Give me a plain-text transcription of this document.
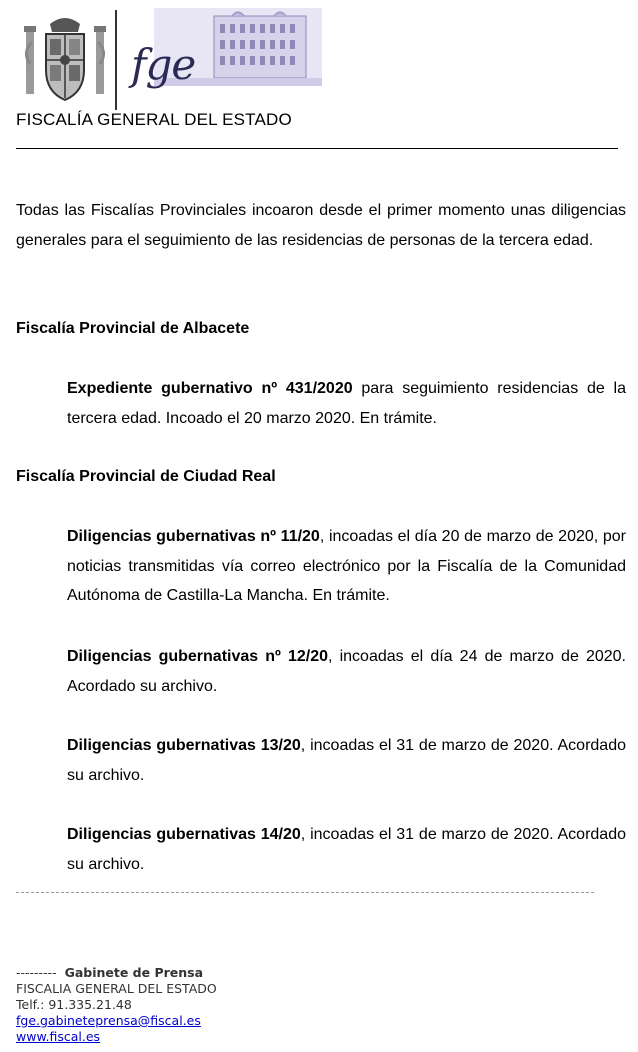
fge
FISCALÍA GENERAL DEL ESTADO
Todas las Fiscalías Provinciales incoaron desde el primer momento unas diligencias generales para el seguimiento de las residencias de personas de la tercera edad.
Fiscalía Provincial de Albacete
Expediente gubernativo nº 431/2020 para seguimiento residencias de la tercera edad. Incoado el 20 marzo 2020. En trámite.
Fiscalía Provincial de Ciudad Real
Diligencias gubernativas nº 11/20, incoadas el día 20 de marzo de 2020, por noticias transmitidas vía correo electrónico por la Fiscalía de la Comunidad Autónoma de Castilla-La Mancha. En trámite.
Diligencias gubernativas nº 12/20, incoadas el día 24 de marzo de 2020. Acordado su archivo.
Diligencias gubernativas 13/20, incoadas el 31 de marzo de 2020. Acordado su archivo.
Diligencias gubernativas 14/20, incoadas el 31 de marzo de 2020. Acordado su archivo.
--------- Gabinete de Prensa
FISCALIA GENERAL DEL ESTADO
Telf.: 91.335.21.48
fge.gabineteprensa@fiscal.es
www.fiscal.es
